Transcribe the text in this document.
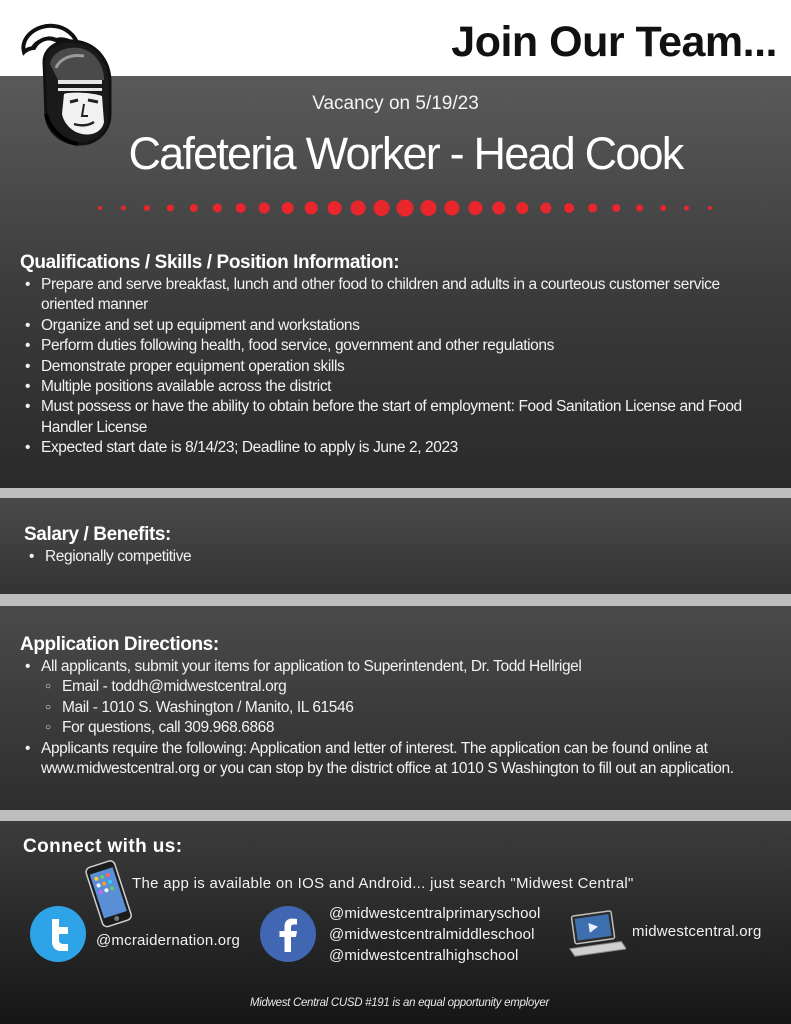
Join Our Team...
Vacancy on 5/19/23
Cafeteria Worker - Head Cook
Qualifications / Skills / Position Information:
• Prepare and serve breakfast, lunch and other food to children and adults in a courteous customer service oriented manner
• Organize and set up equipment and workstations
• Perform duties following health, food service, government and other regulations
• Demonstrate proper equipment operation skills
• Multiple positions available across the district
• Must possess or have the ability to obtain before the start of employment: Food Sanitation License and Food Handler License
• Expected start date is 8/14/23; Deadline to apply is June 2, 2023
Salary / Benefits:
• Regionally competitive
Application Directions:
• All applicants, submit your items for application to Superintendent, Dr. Todd Hellrigel
○ Email - toddh@midwestcentral.org
○ Mail - 1010 S. Washington / Manito, IL 61546
○ For questions, call 309.968.6868
• Applicants require the following: Application and letter of interest. The application can be found online at www.midwestcentral.org or you can stop by the district office at 1010 S Washington to fill out an application.
Connect with us:
The app is available on IOS and Android... just search "Midwest Central"
@mcraidernation.org
@midwestcentralprimaryschool
@midwestcentralmiddleschool
@midwestcentralhighschool
midwestcentral.org
Midwest Central CUSD #191 is an equal opportunity employer
